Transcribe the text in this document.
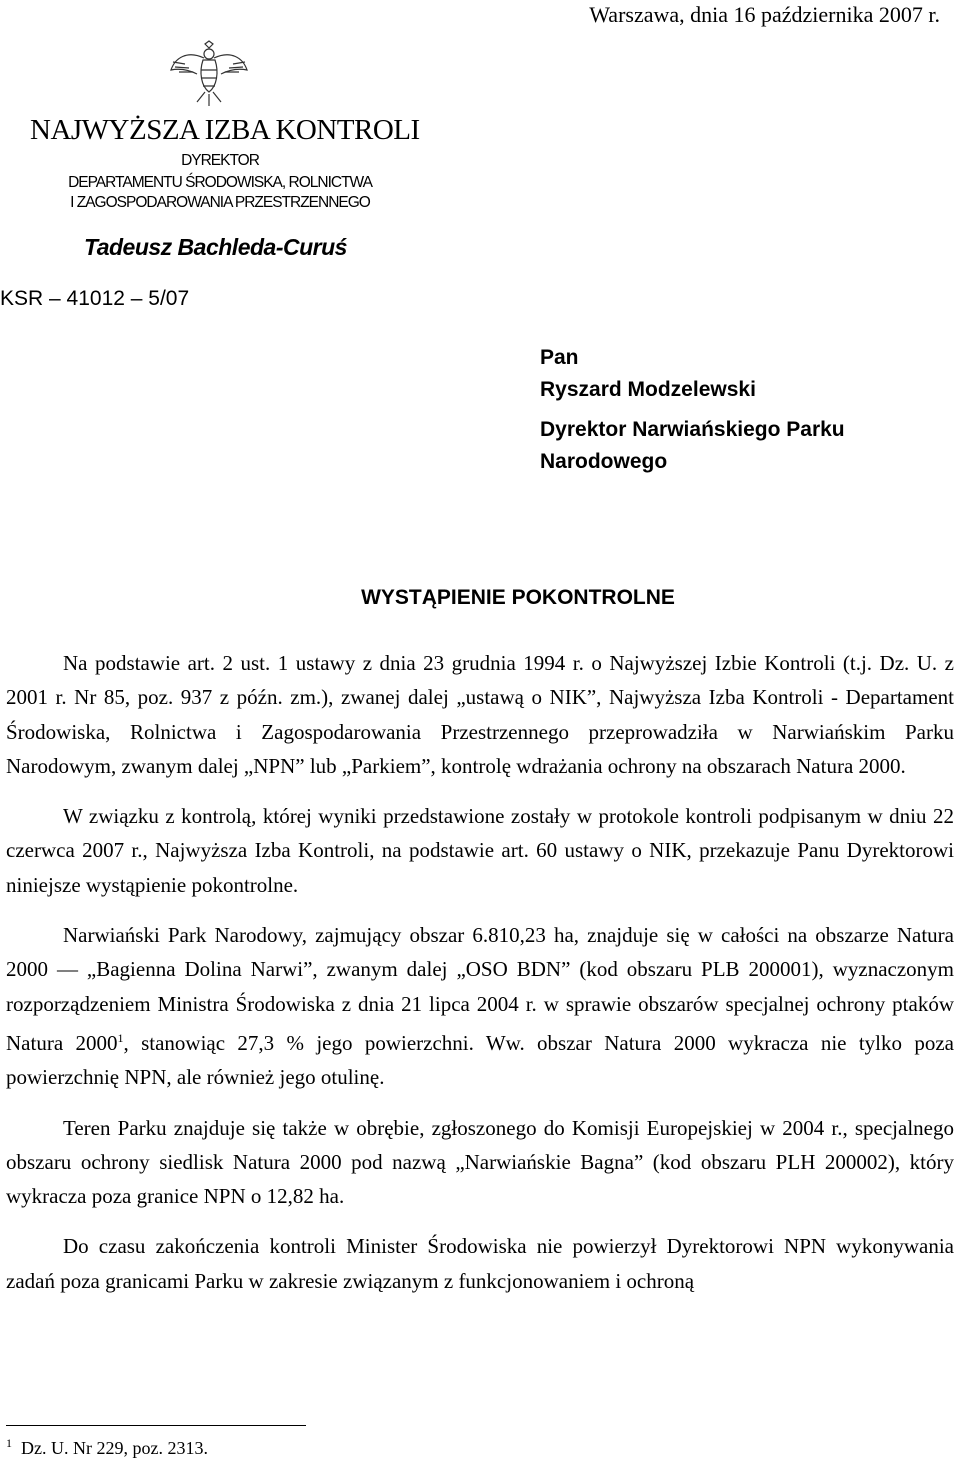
Warszawa, dnia 16 października 2007 r.
NAJWYŻSZA IZBA KONTROLI
DYREKTOR
DEPARTAMENTU ŚRODOWISKA, ROLNICTWA
I ZAGOSPODAROWANIA PRZESTRZENNEGO
Tadeusz Bachleda-Curuś
KSR – 41012 – 5/07
Pan
Ryszard Modzelewski
Dyrektor Narwiańskiego Parku
Narodowego
WYSTĄPIENIE POKONTROLNE

Na podstawie art. 2 ust. 1 ustawy z dnia 23 grudnia 1994 r. o Najwyższej Izbie Kontroli (t.j. Dz. U. z 2001 r. Nr 85, poz. 937 z późn. zm.), zwanej dalej „ustawą o NIK”, Najwyższa Izba Kontroli - Departament Środowiska, Rolnictwa i Zagospodarowania Przestrzennego przeprowadziła w Narwiańskim Parku Narodowym, zwanym dalej „NPN” lub „Parkiem”, kontrolę wdrażania ochrony na obszarach Natura 2000.

W związku z kontrolą, której wyniki przedstawione zostały w protokole kontroli podpisanym w dniu 22 czerwca 2007 r., Najwyższa Izba Kontroli, na podstawie art. 60 ustawy o NIK, przekazuje Panu Dyrektorowi niniejsze wystąpienie pokontrolne.

Narwiański Park Narodowy, zajmujący obszar 6.810,23 ha, znajduje się w całości na obszarze Natura 2000 — „Bagienna Dolina Narwi”, zwanym dalej „OSO BDN” (kod obszaru PLB 200001), wyznaczonym rozporządzeniem Ministra Środowiska z dnia 21 lipca 2004 r. w sprawie obszarów specjalnej ochrony ptaków Natura 2000$^1$, stanowiąc 27,3 % jego powierzchni. Ww. obszar Natura 2000 wykracza nie tylko poza powierzchnię NPN, ale również jego otulinę.

Teren Parku znajduje się także w obrębie, zgłoszonego do Komisji Europejskiej w 2004 r., specjalnego obszaru ochrony siedlisk Natura 2000 pod nazwą „Narwiańskie Bagna” (kod obszaru PLH 200002), który wykracza poza granice NPN o 12,82 ha.

Do czasu zakończenia kontroli Minister Środowiska nie powierzył Dyrektorowi NPN wykonywania zadań poza granicami Parku w zakresie związanym z funkcjonowaniem i ochroną

$^1$ Dz. U. Nr 229, poz. 2313.
